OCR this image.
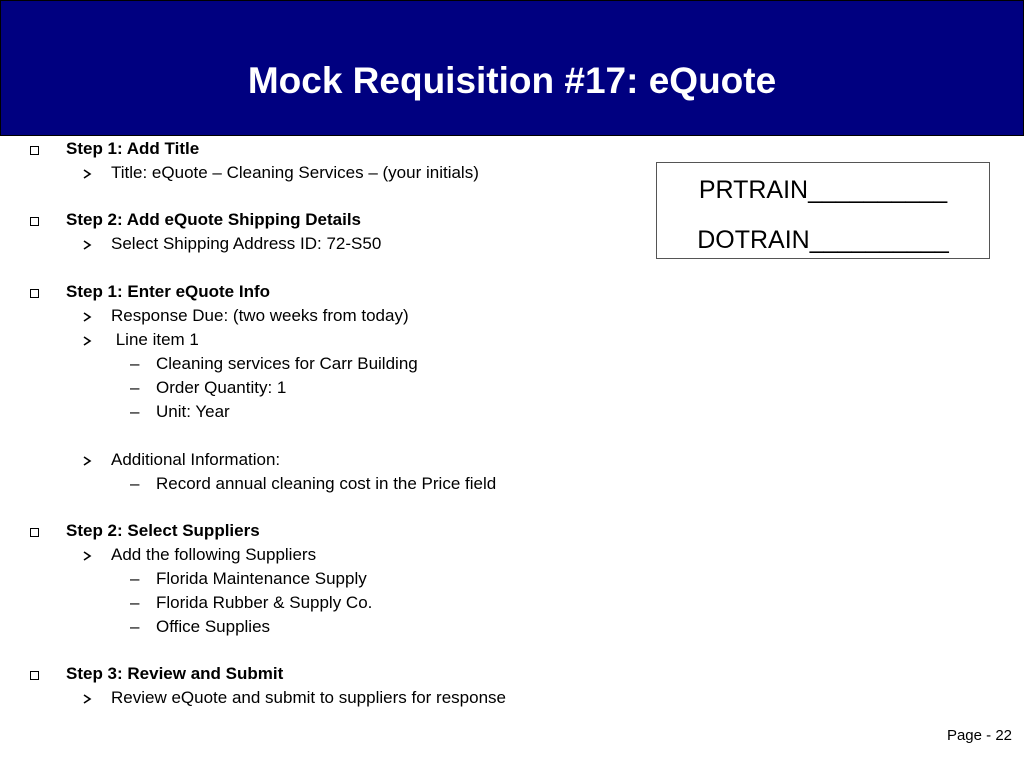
Mock Requisition #17: eQuote
PRTRAIN__________
DOTRAIN__________
Step 1: Add Title
Title: eQuote – Cleaning Services – (your initials)
Step 2: Add eQuote Shipping Details
Select Shipping Address ID: 72-S50
Step 1: Enter eQuote Info
Response Due: (two weeks from today)
Line item 1
– Cleaning services for Carr Building
– Order Quantity: 1
– Unit: Year
Additional Information:
– Record annual cleaning cost in the Price field
Step 2: Select Suppliers
Add the following Suppliers
– Florida Maintenance Supply
– Florida Rubber & Supply Co.
– Office Supplies
Step 3: Review and Submit
Review eQuote and submit to suppliers for response
Page - 22
